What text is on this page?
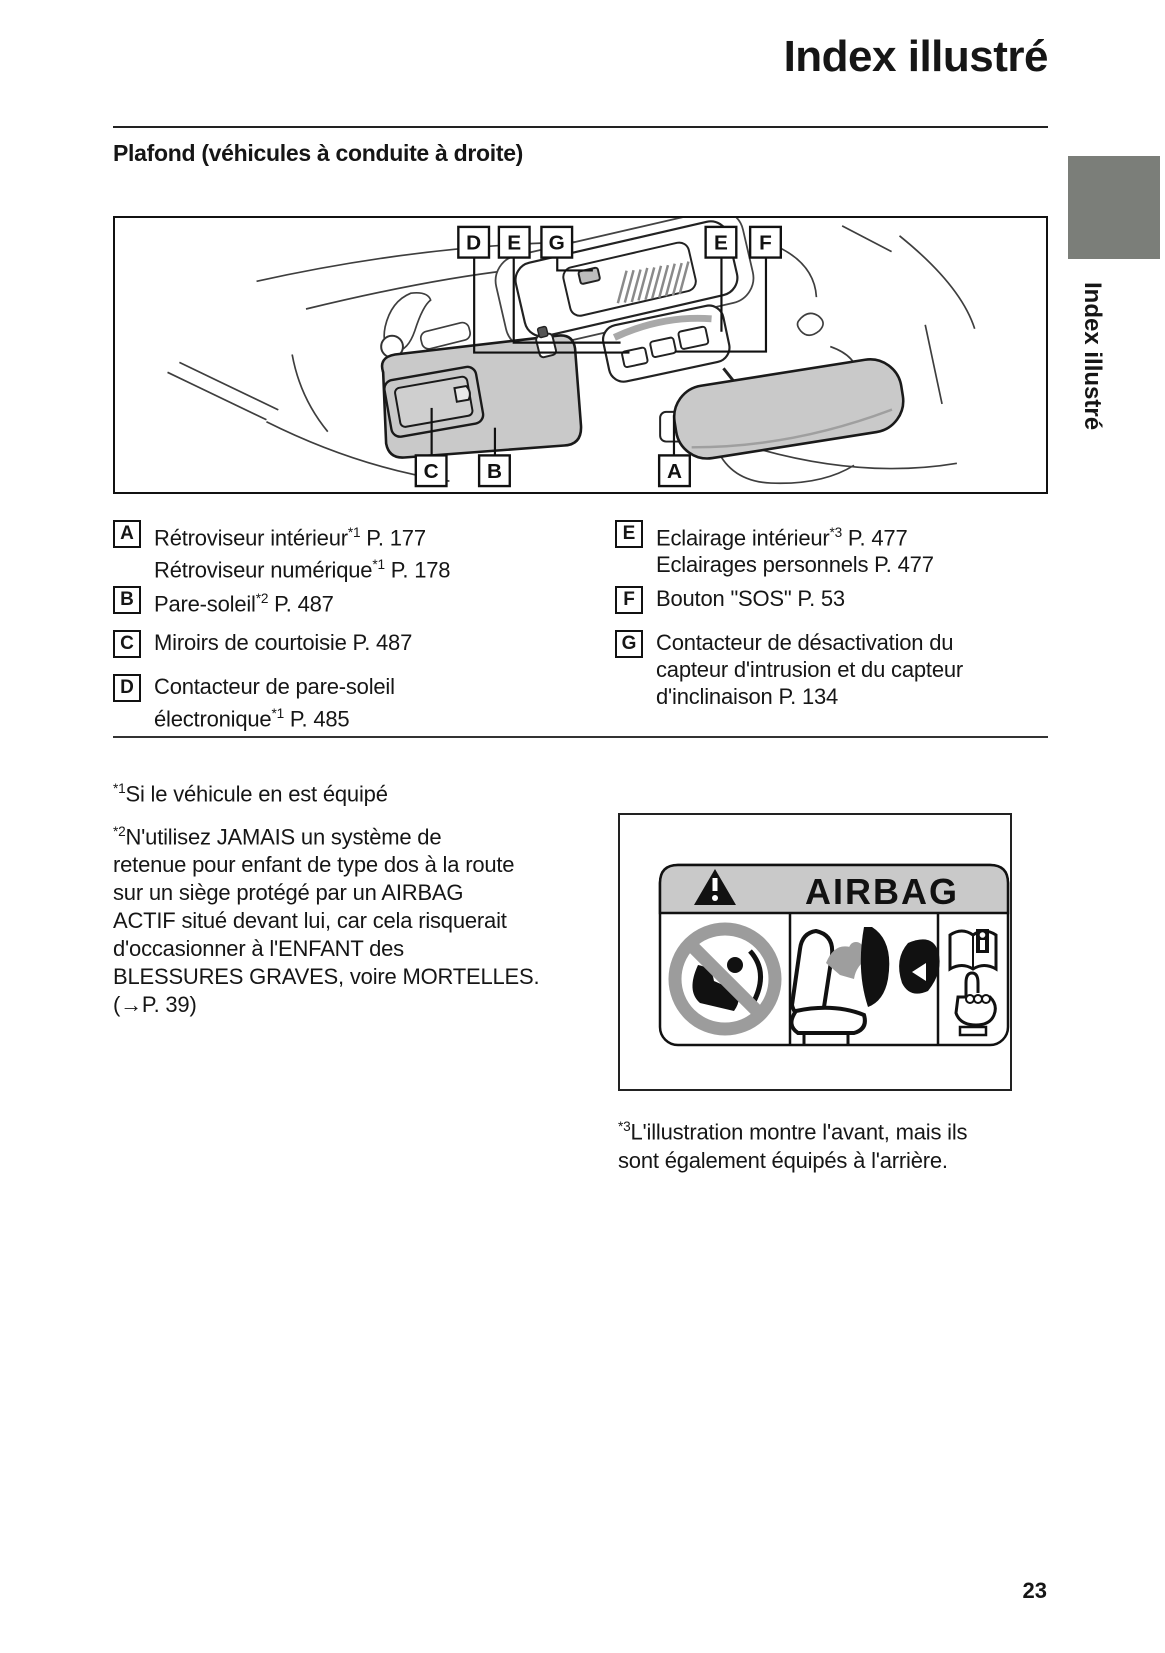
Index illustré
Index illustré
Plafond (véhicules à conduite à droite)
D E G	E F
C B	A
A Rétroviseur intérieur$^{*1}$ P. 177
Rétroviseur numérique$^{*1}$ P. 178
B Pare-soleil$^{*2}$ P. 487
C Miroirs de courtoisie P. 487
D Contacteur de pare-soleil
électronique$^{*1}$ P. 485
E Eclairage intérieur$^{*3}$ P. 477
Eclairages personnels P. 477
F Bouton "SOS" P. 53
G Contacteur de désactivation du
capteur d'intrusion et du capteur
d'inclinaison P. 134
$^{*1}$Si le véhicule en est équipé
$^{*2}$N'utilisez JAMAIS un système de
retenue pour enfant de type dos à la route
sur un siège protégé par un AIRBAG
ACTIF situé devant lui, car cela risquerait
d'occasionner à l'ENFANT des
BLESSURES GRAVES, voire MORTELLES.
(→P. 39)
AIRBAG
$^{*3}$L'illustration montre l'avant, mais ils
sont également équipés à l'arrière.
23
